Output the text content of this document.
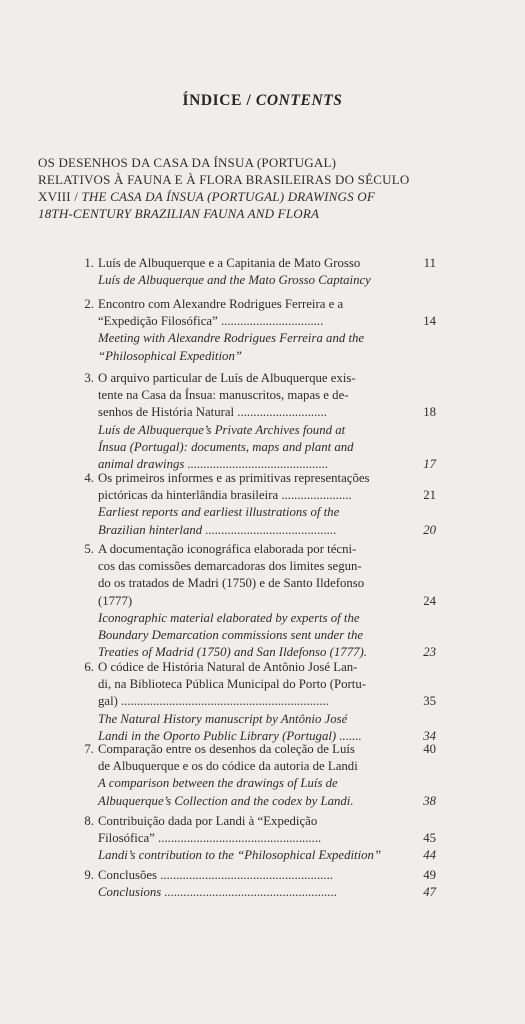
ÍNDICE / CONTENTS
OS DESENHOS DA CASA DA ÍNSUA (PORTUGAL) RELATIVOS À FAUNA E À FLORA BRASILEIRAS DO SÉCULO XVIII / THE CASA DA ÍNSUA (PORTUGAL) DRAWINGS OF 18TH-CENTURY BRAZILIAN FAUNA AND FLORA
1. Luís de Albuquerque e a Capitania de Mato Grosso	11
Luís de Albuquerque and the Mato Grosso Captaincy
2. Encontro com Alexandre Rodrigues Ferreira e a
“Expedição Filosófica” ................................	14
Meeting with Alexandre Rodrigues Ferreira and the
“Philosophical Expedition”
3. O arquivo particular de Luís de Albuquerque exis-
tente na Casa da Ínsua: manuscritos, mapas e de-
senhos de História Natural ............................	18
Luís de Albuquerque’s Private Archives found at
Ínsua (Portugal): documents, maps and plant and
animal drawings ............................................	17
4. Os primeiros informes e as primitivas representações
pictóricas da hinterlândia brasileira ......................	21
Earliest reports and earliest illustrations of the
Brazilian hinterland .........................................	20
5. A documentação iconográfica elaborada por técni-
cos das comissões demarcadoras dos limites segun-
do os tratados de Madri (1750) e de Santo Ildefonso
(1777)	24
Iconographic material elaborated by experts of the
Boundary Demarcation commissions sent under the
Treaties of Madrid (1750) and San Ildefonso (1777).	23
6. O códice de História Natural de Antônio José Lan-
di, na Biblioteca Pública Municipal do Porto (Portu-
gal) .................................................................	35
The Natural History manuscript by Antônio José
Landi in the Oporto Public Library (Portugal) .......	34
7. Comparação entre os desenhos da coleção de Luís	40
de Albuquerque e os do códice da autoria de Landi
A comparison between the drawings of Luís de
Albuquerque’s Collection and the codex by Landi.	38
8. Contribuição dada por Landi à “Expedição
Filosófica” ...................................................	45
Landi’s contribution to the “Philosophical Expedition”	44
9. Conclusões ......................................................	49
Conclusions ......................................................	47
